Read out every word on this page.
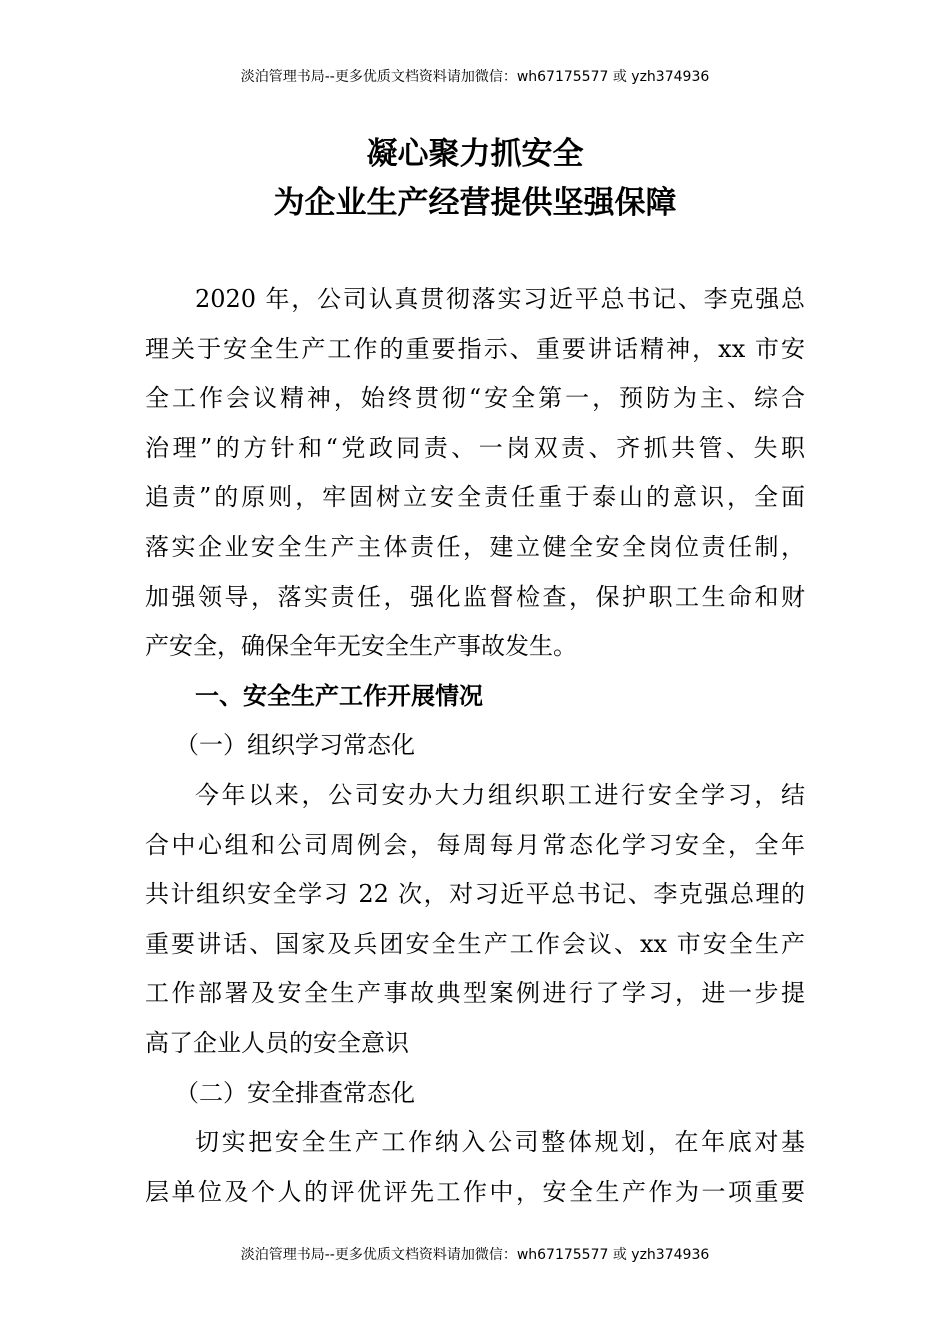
淡泊管理书局--更多优质文档资料请加微信：wh67175577 或 yzh374936
凝心聚力抓安全
为企业生产经营提供坚强保障
2020 年，公司认真贯彻落实习近平总书记、李克强总
理关于安全生产工作的重要指示、重要讲话精神，xx 市安
全工作会议精神，始终贯彻“安全第一，预防为主、综合
治理”的方针和“党政同责、一岗双责、齐抓共管、失职
追责”的原则，牢固树立安全责任重于泰山的意识，全面
落实企业安全生产主体责任，建立健全安全岗位责任制，
加强领导，落实责任，强化监督检查，保护职工生命和财
产安全，确保全年无安全生产事故发生。
一、安全生产工作开展情况
（一）组织学习常态化
今年以来，公司安办大力组织职工进行安全学习，结
合中心组和公司周例会，每周每月常态化学习安全，全年
共计组织安全学习 22 次，对习近平总书记、李克强总理的
重要讲话、国家及兵团安全生产工作会议、xx 市安全生产
工作部署及安全生产事故典型案例进行了学习，进一步提
高了企业人员的安全意识
（二）安全排查常态化
切实把安全生产工作纳入公司整体规划，在年底对基
层单位及个人的评优评先工作中，安全生产作为一项重要
淡泊管理书局--更多优质文档资料请加微信：wh67175577 或 yzh374936
